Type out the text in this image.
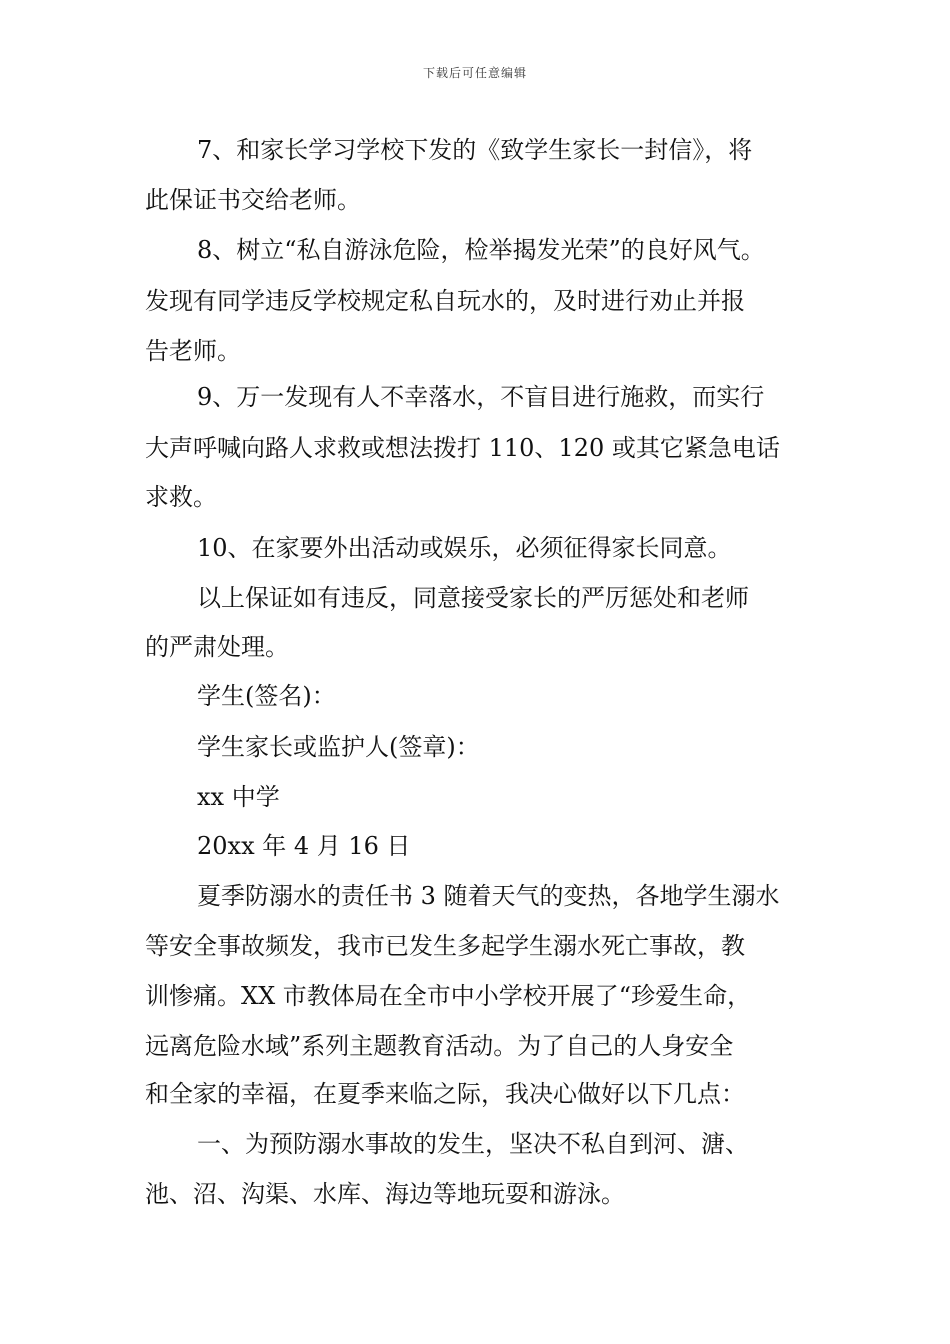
下载后可任意编辑
7、和家长学习学校下发的《致学生家长一封信》，将
此保证书交给老师。
8、树立“私自游泳危险，检举揭发光荣”的良好风气。
发现有同学违反学校规定私自玩水的，及时进行劝止并报
告老师。
9、万一发现有人不幸落水，不盲目进行施救，而实行
大声呼喊向路人求救或想法拨打 110、120 或其它紧急电话
求救。
10、在家要外出活动或娱乐，必须征得家长同意。
以上保证如有违反，同意接受家长的严厉惩处和老师
的严肃处理。
学生(签名)：
学生家长或监护人(签章)：
xx 中学
20xx 年 4 月 16 日
夏季防溺水的责任书 3 随着天气的变热，各地学生溺水
等安全事故频发，我市已发生多起学生溺水死亡事故，教
训惨痛。XX 市教体局在全市中小学校开展了“珍爱生命，
远离危险水域”系列主题教育活动。为了自己的人身安全
和全家的幸福，在夏季来临之际，我决心做好以下几点：
一、为预防溺水事故的发生，坚决不私自到河、溏、
池、沼、沟渠、水库、海边等地玩耍和游泳。
